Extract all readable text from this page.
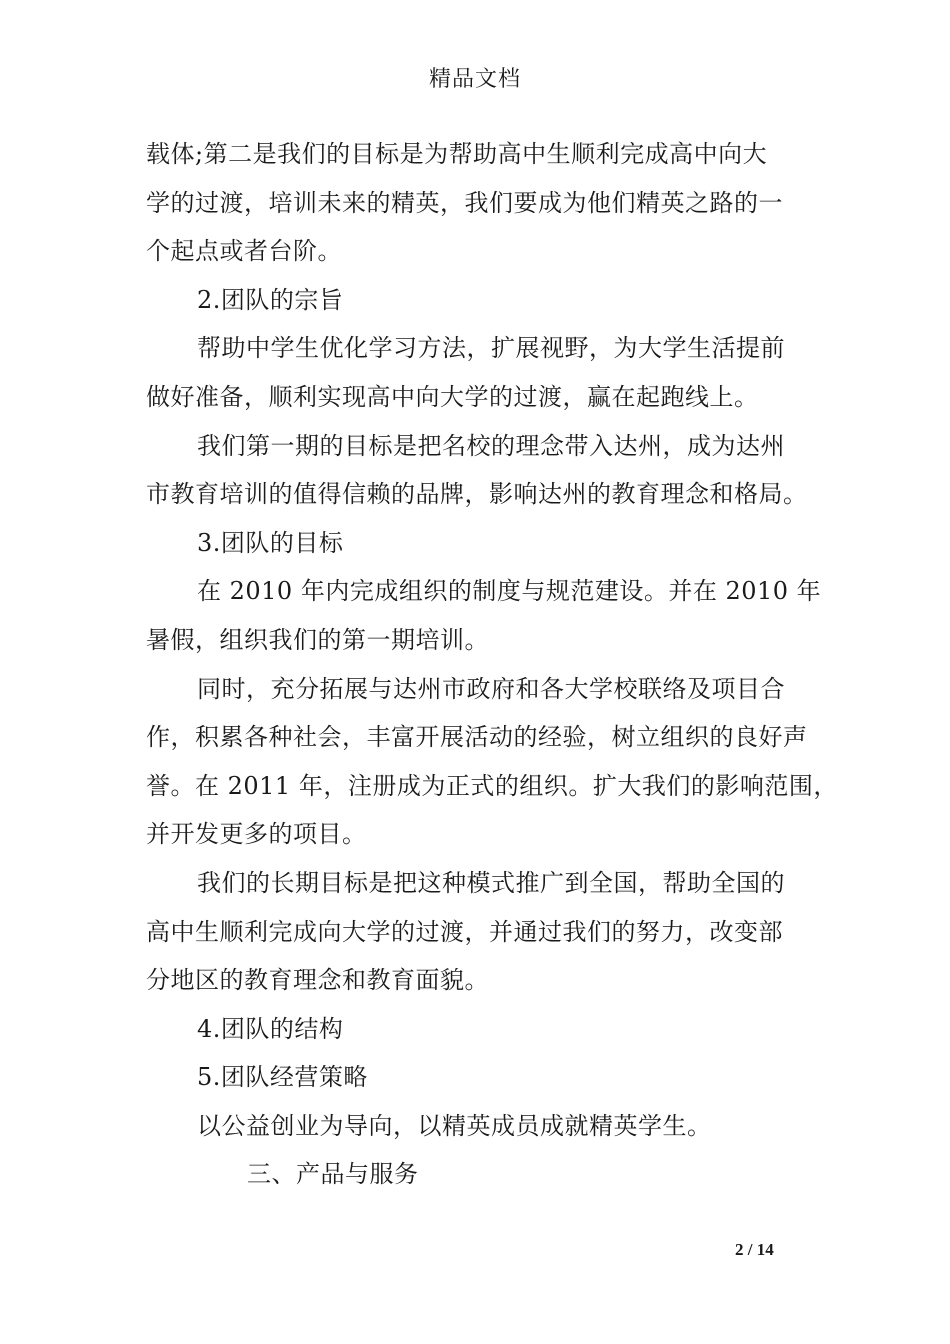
精品文档
载体;第二是我们的目标是为帮助高中生顺利完成高中向大
学的过渡，培训未来的精英，我们要成为他们精英之路的一
个起点或者台阶。
2.团队的宗旨
帮助中学生优化学习方法，扩展视野，为大学生活提前
做好准备，顺利实现高中向大学的过渡，赢在起跑线上。
我们第一期的目标是把名校的理念带入达州，成为达州
市教育培训的值得信赖的品牌，影响达州的教育理念和格局。
3.团队的目标
在 2010 年内完成组织的制度与规范建设。并在 2010 年
暑假，组织我们的第一期培训。
同时，充分拓展与达州市政府和各大学校联络及项目合
作，积累各种社会，丰富开展活动的经验，树立组织的良好声
誉。在 2011 年，注册成为正式的组织。扩大我们的影响范围，
并开发更多的项目。
我们的长期目标是把这种模式推广到全国，帮助全国的
高中生顺利完成向大学的过渡，并通过我们的努力，改变部
分地区的教育理念和教育面貌。
4.团队的结构
5.团队经营策略
以公益创业为导向，以精英成员成就精英学生。
三、产品与服务
2 / 14
